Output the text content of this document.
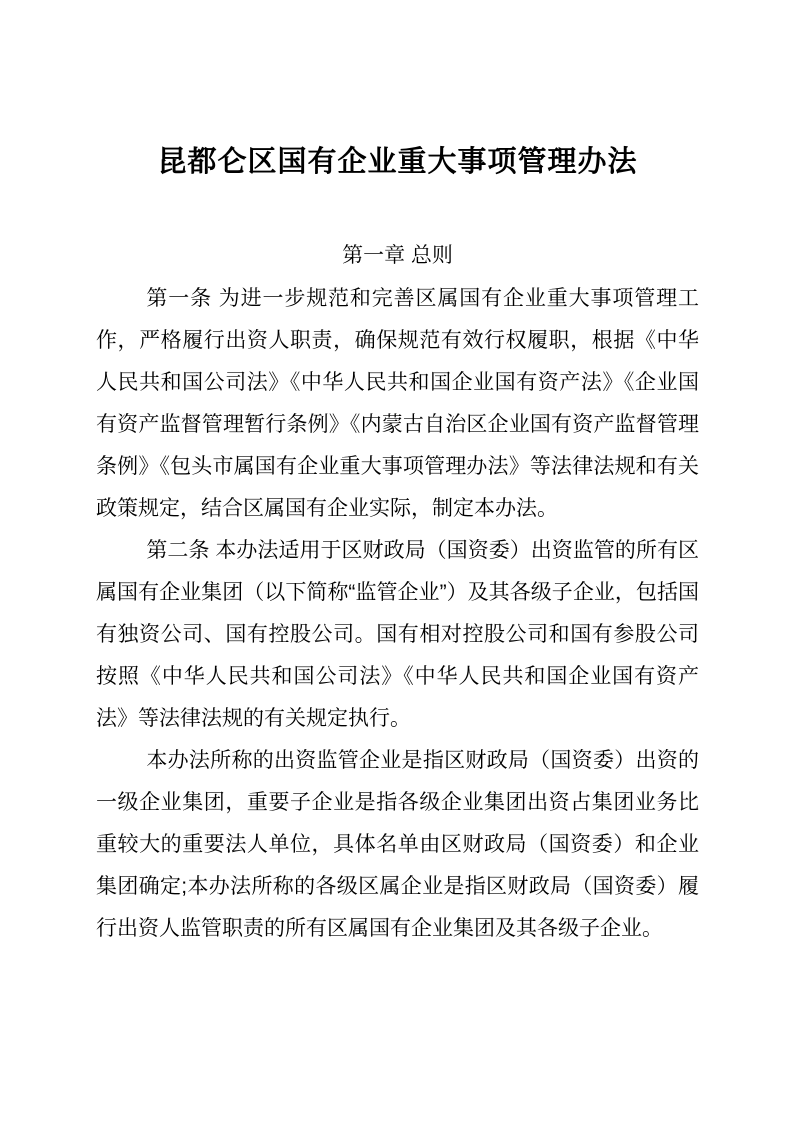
昆都仑区国有企业重大事项管理办法
第一章 总则

第一条 为进一步规范和完善区属国有企业重大事项管理工作，严格履行出资人职责，确保规范有效行权履职，根据《中华人民共和国公司法》《中华人民共和国企业国有资产法》《企业国有资产监督管理暂行条例》《内蒙古自治区企业国有资产监督管理条例》《包头市属国有企业重大事项管理办法》等法律法规和有关政策规定，结合区属国有企业实际，制定本办法。

第二条 本办法适用于区财政局（国资委）出资监管的所有区属国有企业集团（以下简称“监管企业”）及其各级子企业，包括国有独资公司、国有控股公司。国有相对控股公司和国有参股公司按照《中华人民共和国公司法》《中华人民共和国企业国有资产法》等法律法规的有关规定执行。

本办法所称的出资监管企业是指区财政局（国资委）出资的一级企业集团，重要子企业是指各级企业集团出资占集团业务比重较大的重要法人单位，具体名单由区财政局（国资委）和企业集团确定;本办法所称的各级区属企业是指区财政局（国资委）履行出资人监管职责的所有区属国有企业集团及其各级子企业。
